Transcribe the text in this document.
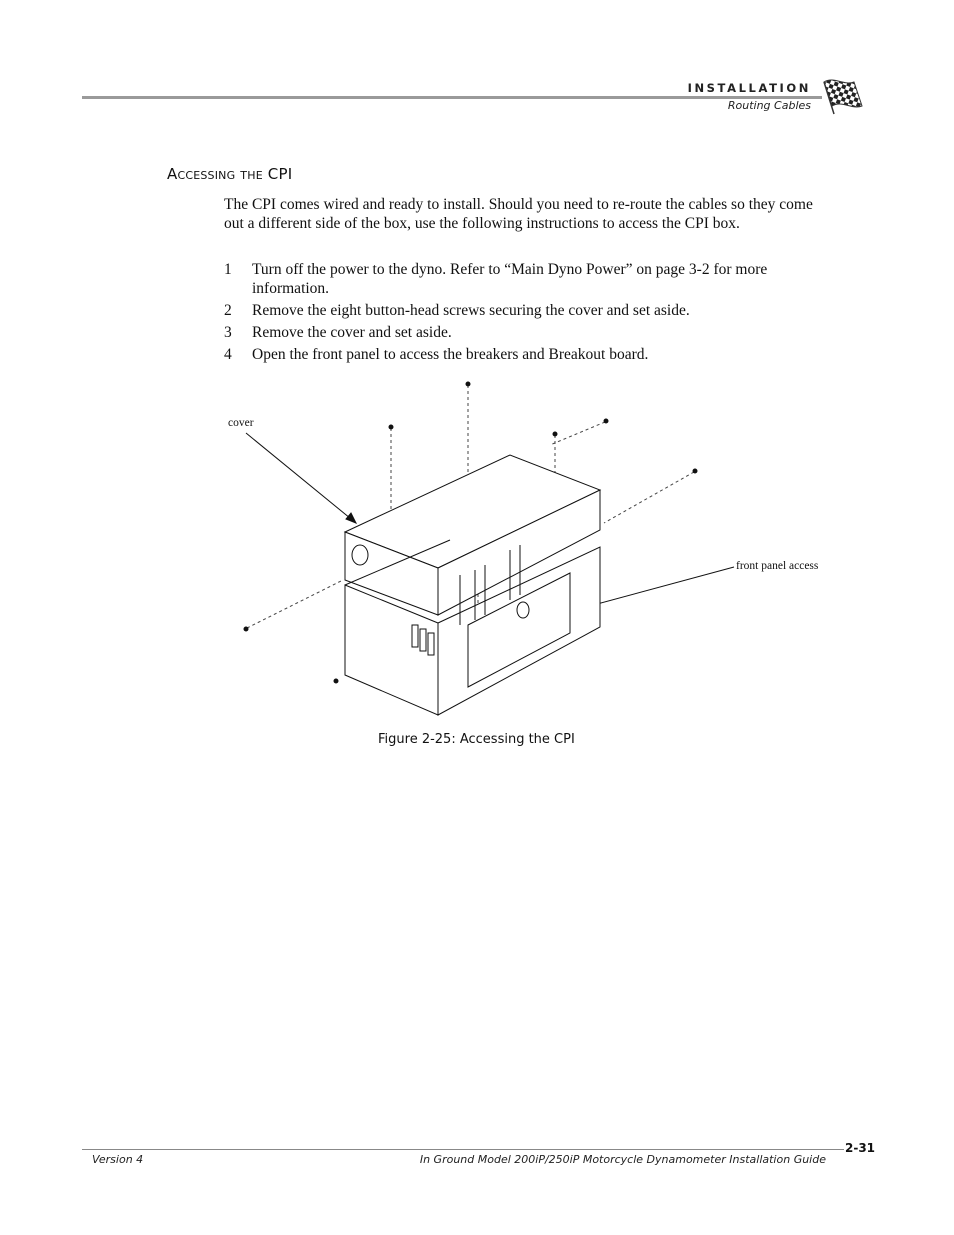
INSTALLATION
Routing Cables
Accessing the CPI
The CPI comes wired and ready to install. Should you need to re-route the cables so they come out a different side of the box, use the following instructions to access the CPI box.
1 Turn off the power to the dyno. Refer to “Main Dyno Power” on page 3-2 for more information.
2 Remove the eight button-head screws securing the cover and set aside.
3 Remove the cover and set aside.
4 Open the front panel to access the breakers and Breakout board.
cover
front panel access
Figure 2-25: Accessing the CPI
2-31
Version 4	In Ground Model 200iP/250iP Motorcycle Dynamometer Installation Guide
